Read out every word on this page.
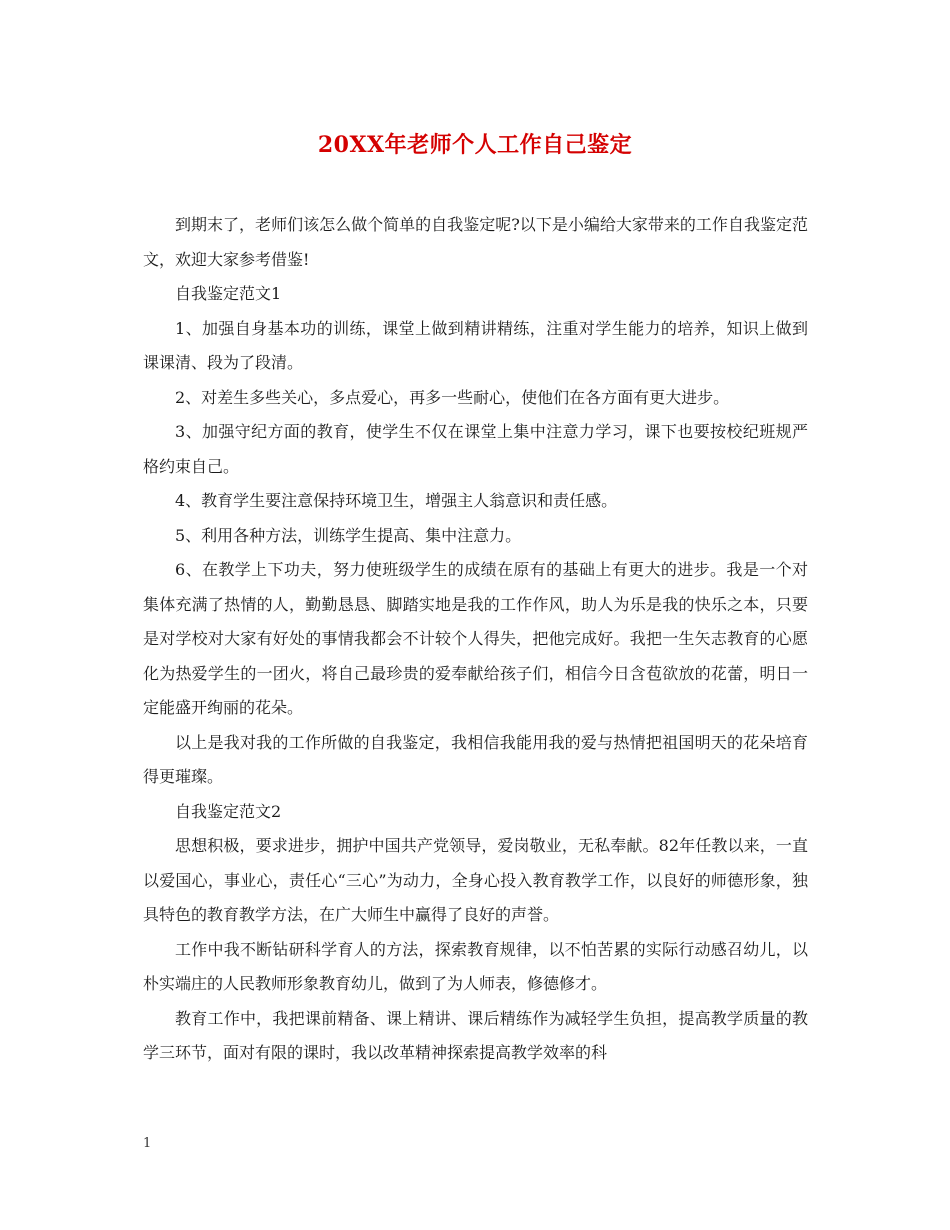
20XX年老师个人工作自己鉴定

到期末了，老师们该怎么做个简单的自我鉴定呢?以下是小编给大家带来的工作自我鉴定范文，欢迎大家参考借鉴!

自我鉴定范文1

1、加强自身基本功的训练，课堂上做到精讲精练，注重对学生能力的培养，知识上做到课课清、段为了段清。

2、对差生多些关心，多点爱心，再多一些耐心，使他们在各方面有更大进步。

3、加强守纪方面的教育，使学生不仅在课堂上集中注意力学习，课下也要按校纪班规严格约束自己。

4、教育学生要注意保持环境卫生，增强主人翁意识和责任感。

5、利用各种方法，训练学生提高、集中注意力。

6、在教学上下功夫，努力使班级学生的成绩在原有的基础上有更大的进步。我是一个对集体充满了热情的人，勤勤恳恳、脚踏实地是我的工作作风，助人为乐是我的快乐之本，只要是对学校对大家有好处的事情我都会不计较个人得失，把他完成好。我把一生矢志教育的心愿化为热爱学生的一团火，将自己最珍贵的爱奉献给孩子们，相信今日含苞欲放的花蕾，明日一定能盛开绚丽的花朵。

以上是我对我的工作所做的自我鉴定，我相信我能用我的爱与热情把祖国明天的花朵培育得更璀璨。

自我鉴定范文2

思想积极，要求进步，拥护中国共产党领导，爱岗敬业，无私奉献。82年任教以来，一直以爱国心，事业心，责任心“三心”为动力，全身心投入教育教学工作，以良好的师德形象，独具特色的教育教学方法，在广大师生中赢得了良好的声誉。

工作中我不断钻研科学育人的方法，探索教育规律，以不怕苦累的实际行动感召幼儿，以朴实端庄的人民教师形象教育幼儿，做到了为人师表，修德修才。

教育工作中，我把课前精备、课上精讲、课后精练作为减轻学生负担，提高教学质量的教学三环节，面对有限的课时，我以改革精神探索提高教学效率的科

1
